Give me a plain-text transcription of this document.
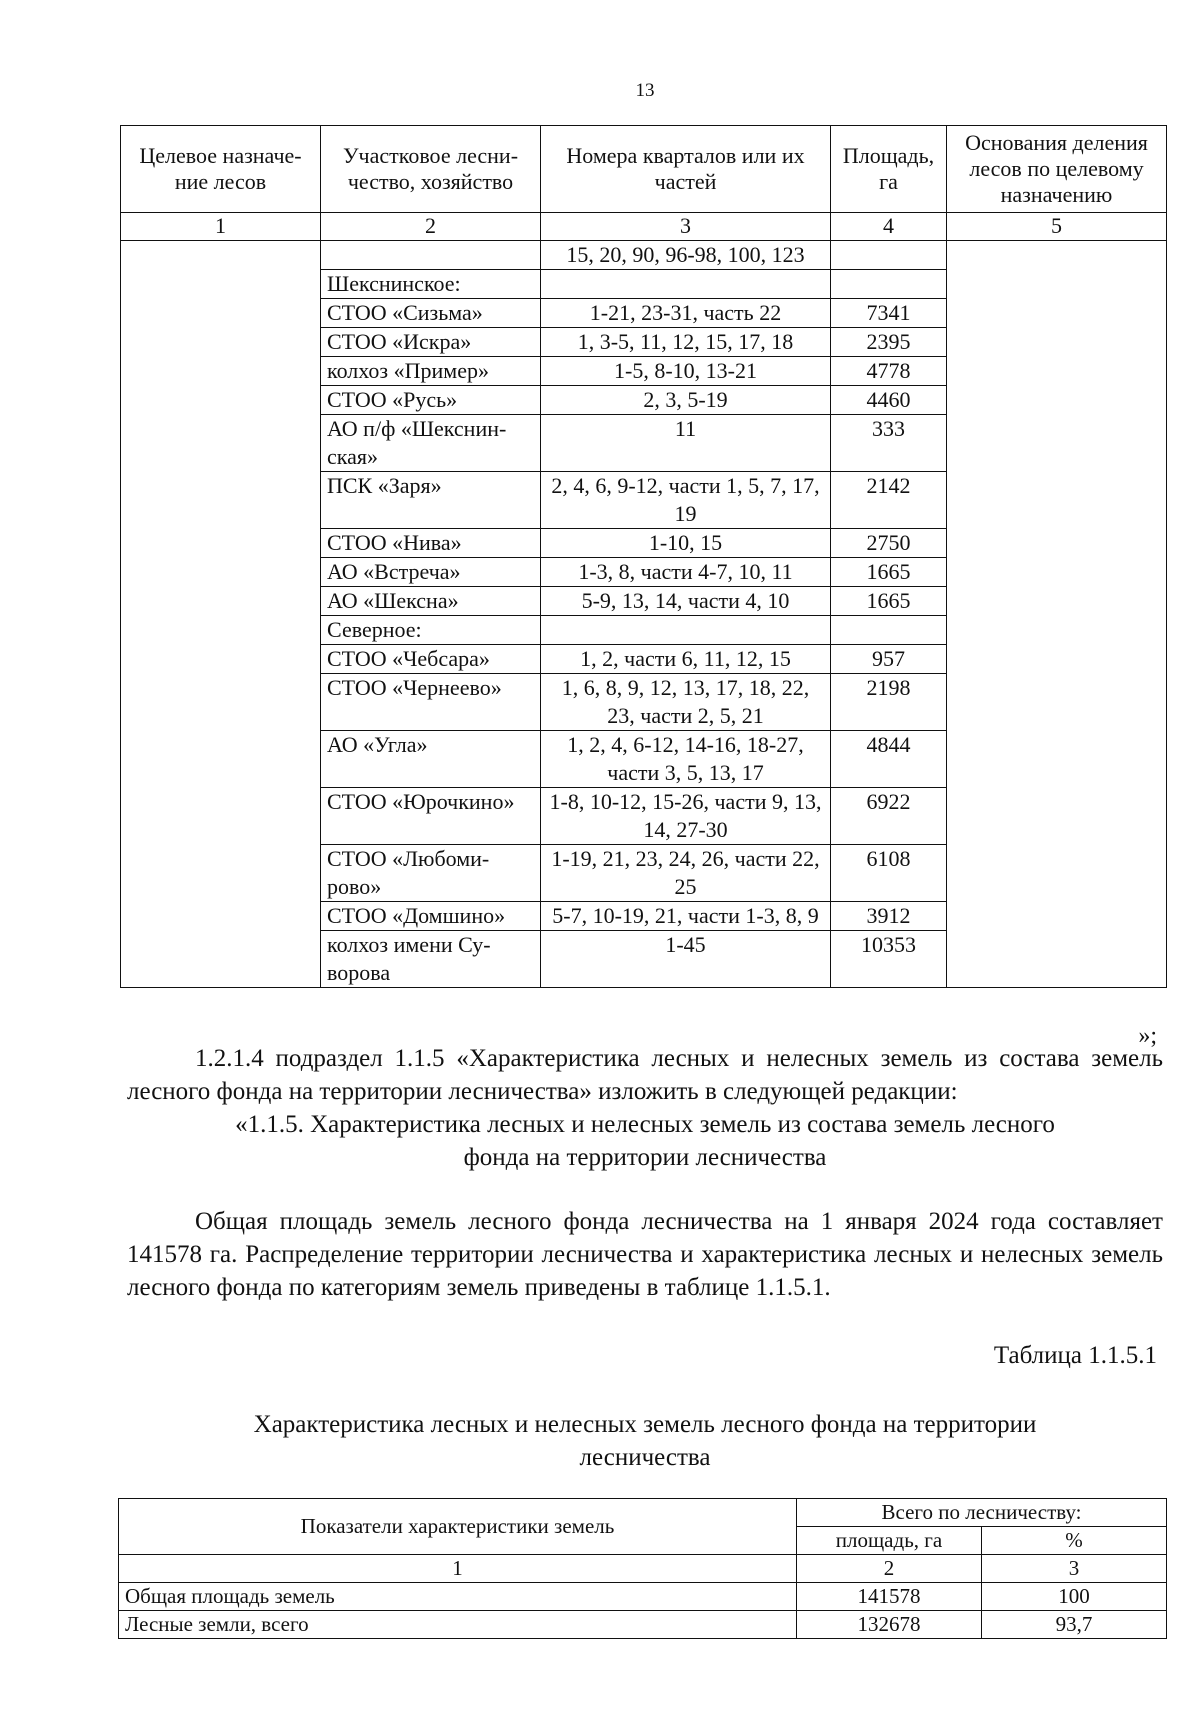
13
Целевое назначе-ние лесов	Участковое лесни-чество, хозяйство	Номера кварталов или их частей	Площадь, га	Основания деления лесов по целевому назначению
1	2	3	4	5
		15, 20, 90, 96-98, 100, 123		
	Шекснинское:			
	СТОО «Сизьма»	1-21, 23-31, часть 22	7341	
	СТОО «Искра»	1, 3-5, 11, 12, 15, 17, 18	2395	
	колхоз «Пример»	1-5, 8-10, 13-21	4778	
	СТОО «Русь»	2, 3, 5-19	4460	
	АО п/ф «Шекснин-ская»	11	333	
	ПСК «Заря»	2, 4, 6, 9-12, части 1, 5, 7, 17, 19	2142	
	СТОО «Нива»	1-10, 15	2750	
	АО «Встреча»	1-3, 8, части 4-7, 10, 11	1665	
	АО «Шексна»	5-9, 13, 14, части 4, 10	1665	
	Северное:			
	СТОО «Чебсара»	1, 2, части 6, 11, 12, 15	957	
	СТОО «Чернеево»	1, 6, 8, 9, 12, 13, 17, 18, 22, 23, части 2, 5, 21	2198	
	АО «Угла»	1, 2, 4, 6-12, 14-16, 18-27, части 3, 5, 13, 17	4844	
	СТОО «Юрочкино»	1-8, 10-12, 15-26, части 9, 13, 14, 27-30	6922	
	СТОО «Любоми-рово»	1-19, 21, 23, 24, 26, части 22, 25	6108	
	СТОО «Домшино»	5-7, 10-19, 21, части 1-3, 8, 9	3912	
	колхоз имени Су-ворова	1-45	10353	
»;
1.2.1.4 подраздел 1.1.5 «Характеристика лесных и нелесных земель из состава земель лесного фонда на территории лесничества» изложить в следующей редакции:
«1.1.5. Характеристика лесных и нелесных земель из состава земель лесного
фонда на территории лесничества
Общая площадь земель лесного фонда лесничества на 1 января 2024 года составляет 141578 га. Распределение территории лесничества и характеристика лесных и нелесных земель лесного фонда по категориям земель приведены в таблице 1.1.5.1.
Таблица 1.1.5.1
Характеристика лесных и нелесных земель лесного фонда на территории
лесничества
Показатели характеристики земель	Всего по лесничеству:	
	площадь, га	%
1	2	3
Общая площадь земель	141578	100
Лесные земли, всего	132678	93,7
